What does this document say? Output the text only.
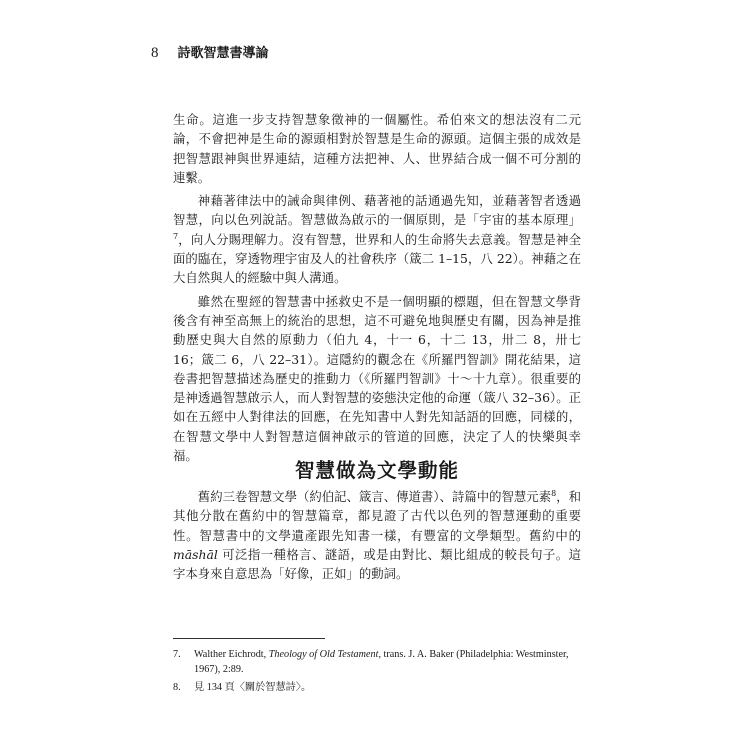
8 詩歌智慧書導論

生命。這進一步支持智慧象徵神的一個屬性。希伯來文的想法沒有二元論，不會把神是生命的源頭相對於智慧是生命的源頭。這個主張的成效是把智慧跟神與世界連結，這種方法把神、人、世界結合成一個不可分割的連繫。

神藉著律法中的誡命與律例、藉著祂的話通過先知，並藉著智者透過智慧，向以色列說話。智慧做為啟示的一個原則，是「宇宙的基本原理」$^7$，向人分賜理解力。沒有智慧，世界和人的生命將失去意義。智慧是神全面的臨在，穿透物理宇宙及人的社會秩序（箴二 1–15，八 22）。神藉之在大自然與人的經驗中與人溝通。

雖然在聖經的智慧書中拯救史不是一個明顯的標題，但在智慧文學背後含有神至高無上的統治的思想，這不可避免地與歷史有關，因為神是推動歷史與大自然的原動力（伯九 4，十一 6，十二 13，卅二 8，卅七 16；箴二 6，八 22–31）。這隱約的觀念在《所羅門智訓》開花結果，這卷書把智慧描述為歷史的推動力（《所羅門智訓》十～十九章）。很重要的是神透過智慧啟示人，而人對智慧的姿態決定他的命運（箴八 32–36）。正如在五經中人對律法的回應，在先知書中人對先知話語的回應，同樣的，在智慧文學中人對智慧這個神啟示的管道的回應，決定了人的快樂與幸福。

智慧做為文學動能

舊約三卷智慧文學（約伯記、箴言、傳道書）、詩篇中的智慧元素$^8$，和其他分散在舊約中的智慧篇章，都見證了古代以色列的智慧運動的重要性。智慧書中的文學遺產跟先知書一樣，有豐富的文學類型。舊約中的 māshāl 可泛指一種格言、謎語，或是由對比、類比組成的較長句子。這字本身來自意思為「好像，正如」的動詞。

7. Walther Eichrodt, Theology of Old Testament, trans. J. A. Baker (Philadelphia: Westminster, 1967), 2:89.

8. 見 134 頁〈關於智慧詩〉。
